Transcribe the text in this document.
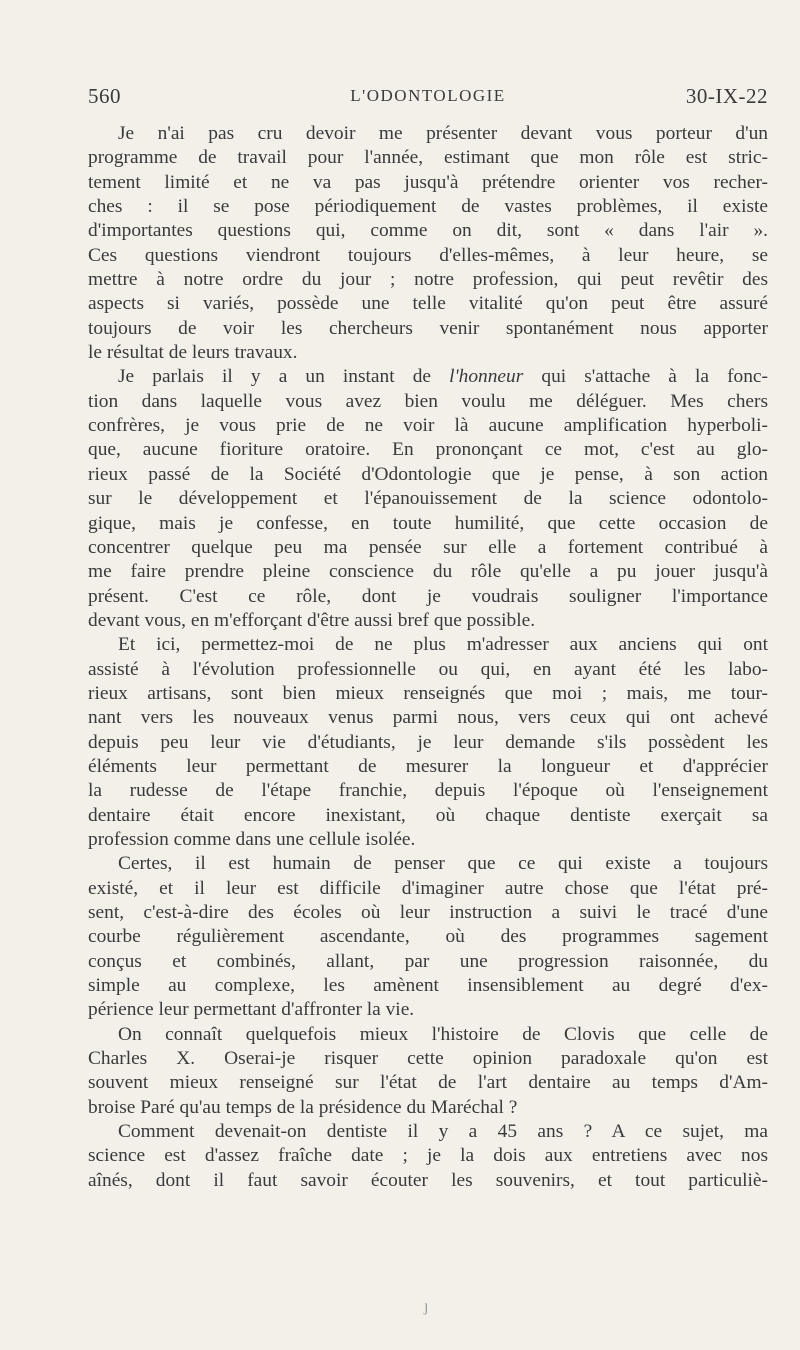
560	L'ODONTOLOGIE	30-IX-22
Je n'ai pas cru devoir me présenter devant vous porteur d'un
programme de travail pour l'année, estimant que mon rôle est stric-
tement limité et ne va pas jusqu'à prétendre orienter vos recher-
ches : il se pose périodiquement de vastes problèmes, il existe
d'importantes questions qui, comme on dit, sont « dans l'air ».
Ces questions viendront toujours d'elles-mêmes, à leur heure, se
mettre à notre ordre du jour ; notre profession, qui peut revêtir des
aspects si variés, possède une telle vitalité qu'on peut être assuré
toujours de voir les chercheurs venir spontanément nous apporter
le résultat de leurs travaux.
Je parlais il y a un instant de l'honneur qui s'attache à la fonc-
tion dans laquelle vous avez bien voulu me déléguer. Mes chers
confrères, je vous prie de ne voir là aucune amplification hyperboli-
que, aucune fioriture oratoire. En prononçant ce mot, c'est au glo-
rieux passé de la Société d'Odontologie que je pense, à son action
sur le développement et l'épanouissement de la science odontolo-
gique, mais je confesse, en toute humilité, que cette occasion de
concentrer quelque peu ma pensée sur elle a fortement contribué à
me faire prendre pleine conscience du rôle qu'elle a pu jouer jusqu'à
présent. C'est ce rôle, dont je voudrais souligner l'importance
devant vous, en m'efforçant d'être aussi bref que possible.
Et ici, permettez-moi de ne plus m'adresser aux anciens qui ont
assisté à l'évolution professionnelle ou qui, en ayant été les labo-
rieux artisans, sont bien mieux renseignés que moi ; mais, me tour-
nant vers les nouveaux venus parmi nous, vers ceux qui ont achevé
depuis peu leur vie d'étudiants, je leur demande s'ils possèdent les
éléments leur permettant de mesurer la longueur et d'apprécier
la rudesse de l'étape franchie, depuis l'époque où l'enseignement
dentaire était encore inexistant, où chaque dentiste exerçait sa
profession comme dans une cellule isolée.
Certes, il est humain de penser que ce qui existe a toujours
existé, et il leur est difficile d'imaginer autre chose que l'état pré-
sent, c'est-à-dire des écoles où leur instruction a suivi le tracé d'une
courbe régulièrement ascendante, où des programmes sagement
conçus et combinés, allant, par une progression raisonnée, du
simple au complexe, les amènent insensiblement au degré d'ex-
périence leur permettant d'affronter la vie.
On connaît quelquefois mieux l'histoire de Clovis que celle de
Charles X. Oserai-je risquer cette opinion paradoxale qu'on est
souvent mieux renseigné sur l'état de l'art dentaire au temps d'Am-
broise Paré qu'au temps de la présidence du Maréchal ?
Comment devenait-on dentiste il y a 45 ans ? A ce sujet, ma
science est d'assez fraîche date ; je la dois aux entretiens avec nos
aînés, dont il faut savoir écouter les souvenirs, et tout particuliè-
ȷ
